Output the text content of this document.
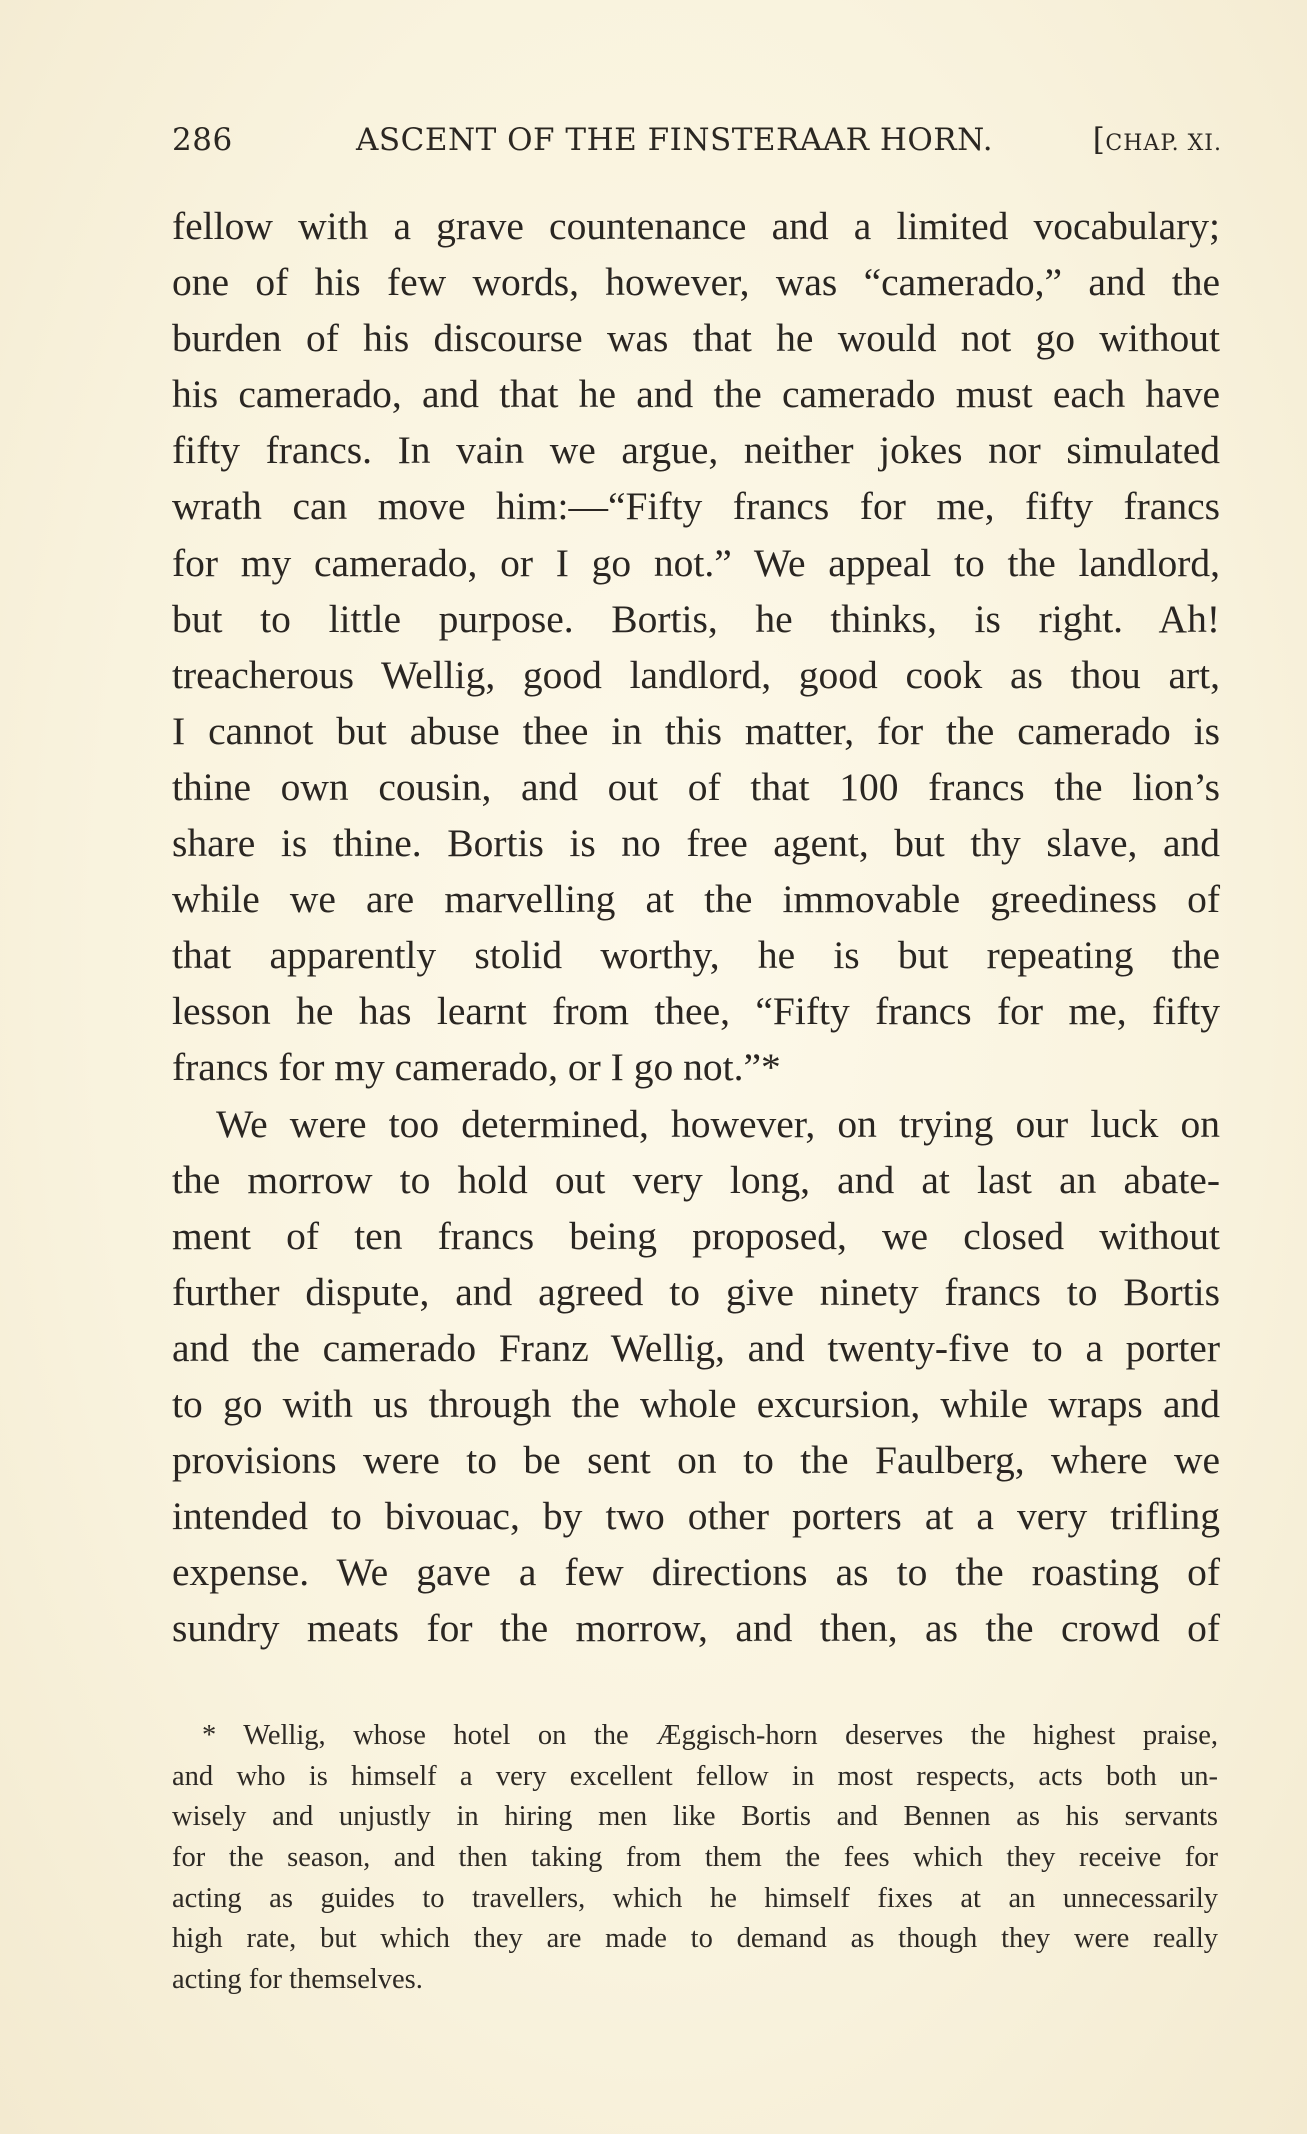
286	ASCENT OF THE FINSTERAAR HORN.	[CHAP. XI.
fellow with a grave countenance and a limited vocabulary;
one of his few words, however, was “camerado,” and the
burden of his discourse was that he would not go without
his camerado, and that he and the camerado must each have
fifty francs. In vain we argue, neither jokes nor simulated
wrath can move him:—“Fifty francs for me, fifty francs
for my camerado, or I go not.” We appeal to the landlord,
but to little purpose. Bortis, he thinks, is right. Ah!
treacherous Wellig, good landlord, good cook as thou art,
I cannot but abuse thee in this matter, for the camerado is
thine own cousin, and out of that 100 francs the lion’s
share is thine. Bortis is no free agent, but thy slave, and
while we are marvelling at the immovable greediness of
that apparently stolid worthy, he is but repeating the
lesson he has learnt from thee, “Fifty francs for me, fifty
francs for my camerado, or I go not.”*
We were too determined, however, on trying our luck on
the morrow to hold out very long, and at last an abate-
ment of ten francs being proposed, we closed without
further dispute, and agreed to give ninety francs to Bortis
and the camerado Franz Wellig, and twenty-five to a porter
to go with us through the whole excursion, while wraps and
provisions were to be sent on to the Faulberg, where we
intended to bivouac, by two other porters at a very trifling
expense. We gave a few directions as to the roasting of
sundry meats for the morrow, and then, as the crowd of
* Wellig, whose hotel on the Æggisch-horn deserves the highest praise,
and who is himself a very excellent fellow in most respects, acts both un-
wisely and unjustly in hiring men like Bortis and Bennen as his servants
for the season, and then taking from them the fees which they receive for
acting as guides to travellers, which he himself fixes at an unnecessarily
high rate, but which they are made to demand as though they were really
acting for themselves.
